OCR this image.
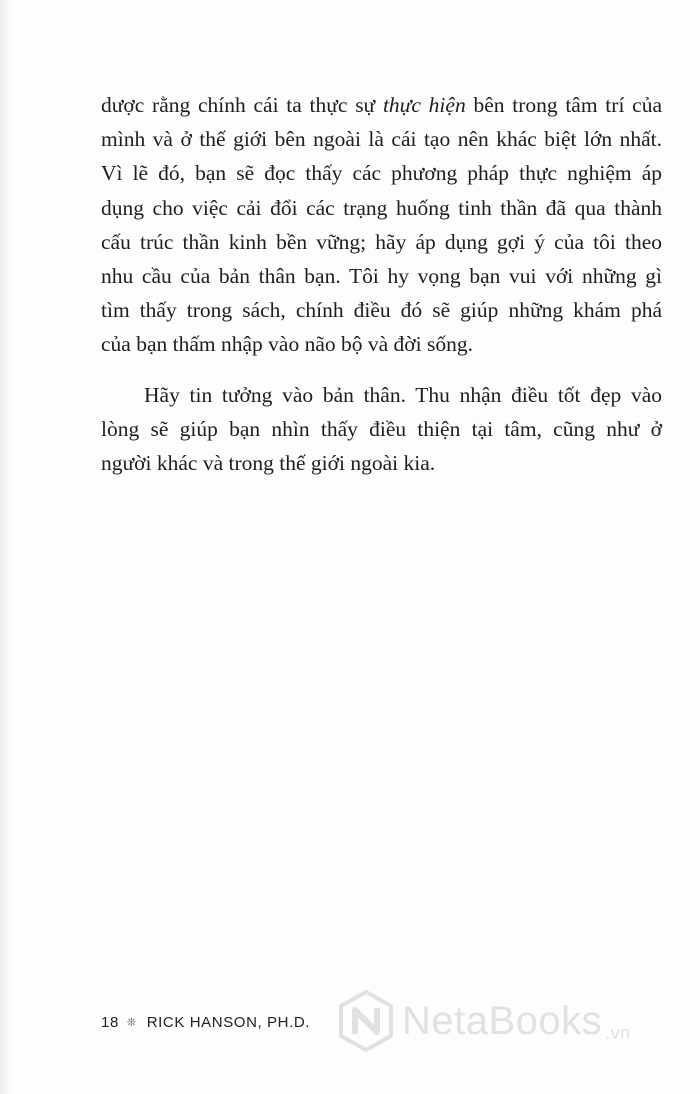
dược rằng chính cái ta thực sự thực hiện bên trong tâm trí của
mình và ở thế giới bên ngoài là cái tạo nên khác biệt lớn nhất.
Vì lẽ đó, bạn sẽ đọc thấy các phương pháp thực nghiệm áp
dụng cho việc cải đổi các trạng huống tinh thần đã qua thành
cấu trúc thần kinh bền vững; hãy áp dụng gợi ý của tôi theo
nhu cầu của bản thân bạn. Tôi hy vọng bạn vui với những gì
tìm thấy trong sách, chính điều đó sẽ giúp những khám phá
của bạn thấm nhập vào não bộ và đời sống.

Hãy tin tưởng vào bản thân. Thu nhận điều tốt đẹp vào
lòng sẽ giúp bạn nhìn thấy điều thiện tại tâm, cũng như ở
người khác và trong thế giới ngoài kia.

18 ❊ RICK HANSON, PH.D. NetaBooks .vn
